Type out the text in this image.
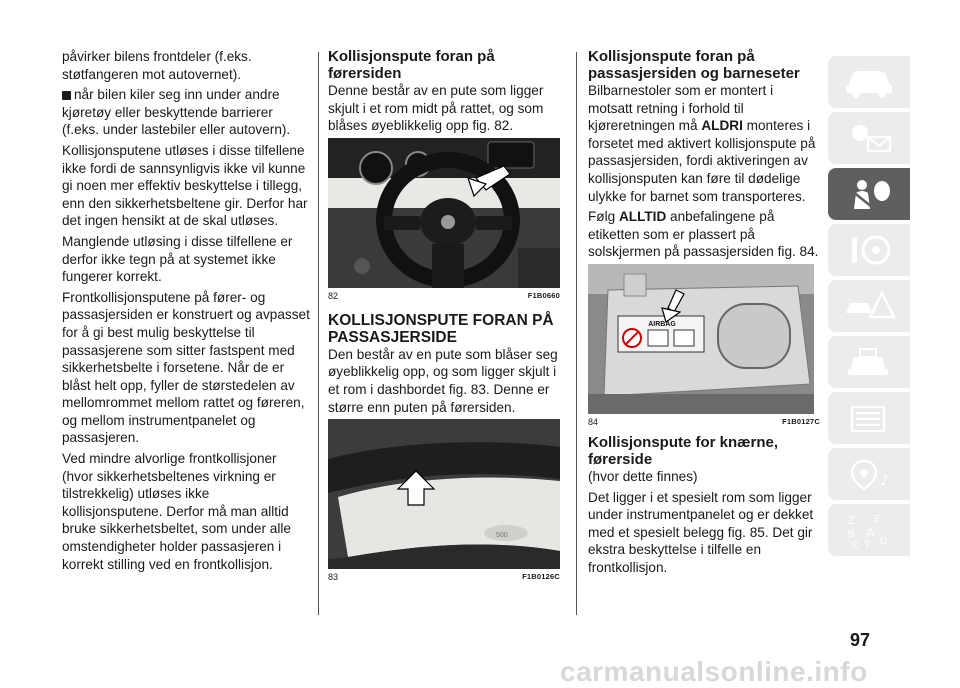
påvirker bilens frontdeler (f.eks. støtfangeren mot autovernet).

når bilen kiler seg inn under andre kjøretøy eller beskyttende barrierer (f.eks. under lastebiler eller autovern).

Kollisjonsputene utløses i disse tilfellene ikke fordi de sannsynligvis ikke vil kunne gi noen mer effektiv beskyttelse i tillegg, enn den sikkerhetsbeltene gir. Derfor har det ingen hensikt at de skal utløses.

Manglende utløsing i disse tilfellene er derfor ikke tegn på at systemet ikke fungerer korrekt.

Frontkollisjonsputene på fører- og passasjersiden er konstruert og avpasset for å gi best mulig beskyttelse til passasjerene som sitter fastspent med sikkerhetsbelte i forsetene. Når de er blåst helt opp, fyller de størstedelen av mellomrommet mellom rattet og føreren, og mellom instrumentpanelet og passasjeren.

Ved mindre alvorlige frontkollisjoner (hvor sikkerhetsbeltenes virkning er tilstrekkelig) utløses ikke kollisjonsputene. Derfor må man alltid bruke sikkerhetsbeltet, som under alle omstendigheter holder passasjeren i korrekt stilling ved en frontkollisjon.

Kollisjonspute foran på førersiden

Denne består av en pute som ligger skjult i et rom midt på rattet, og som blåses øyeblikkelig opp fig. 82.

82	F1B0660
KOLLISJONSPUTE FORAN PÅ PASSASJERSIDE

Den består av en pute som blåser seg øyeblikkelig opp, og som ligger skjult i et rom i dashbordet fig. 83. Denne er større enn puten på førersiden.

500
83	F1B0126C
Kollisjonspute foran på passasjersiden og barneseter

Bilbarnestoler som er montert i motsatt retning i forhold til kjøreretningen må ALDRI monteres i forsetet med aktivert kollisjonspute på passasjersiden, fordi aktiveringen av kollisjonsputen kan føre til dødelige ulykke for barnet som transporteres.

Følg ALLTID anbefalingene på etiketten som er plassert på solskjermen på passasjersiden fig. 84.

AIRBAG
84	F1B0127C
Kollisjonspute for knærne, førerside

(hvor dette finnes)

Det ligger i et spesielt rom som ligger under instrumentpanelet og er dekket med et spesielt belegg fig. 85. Det gir ekstra beskyttelse i tilfelle en frontkollisjon.

♪
Z E
B A
C T D
97
carmanualsonline.info
